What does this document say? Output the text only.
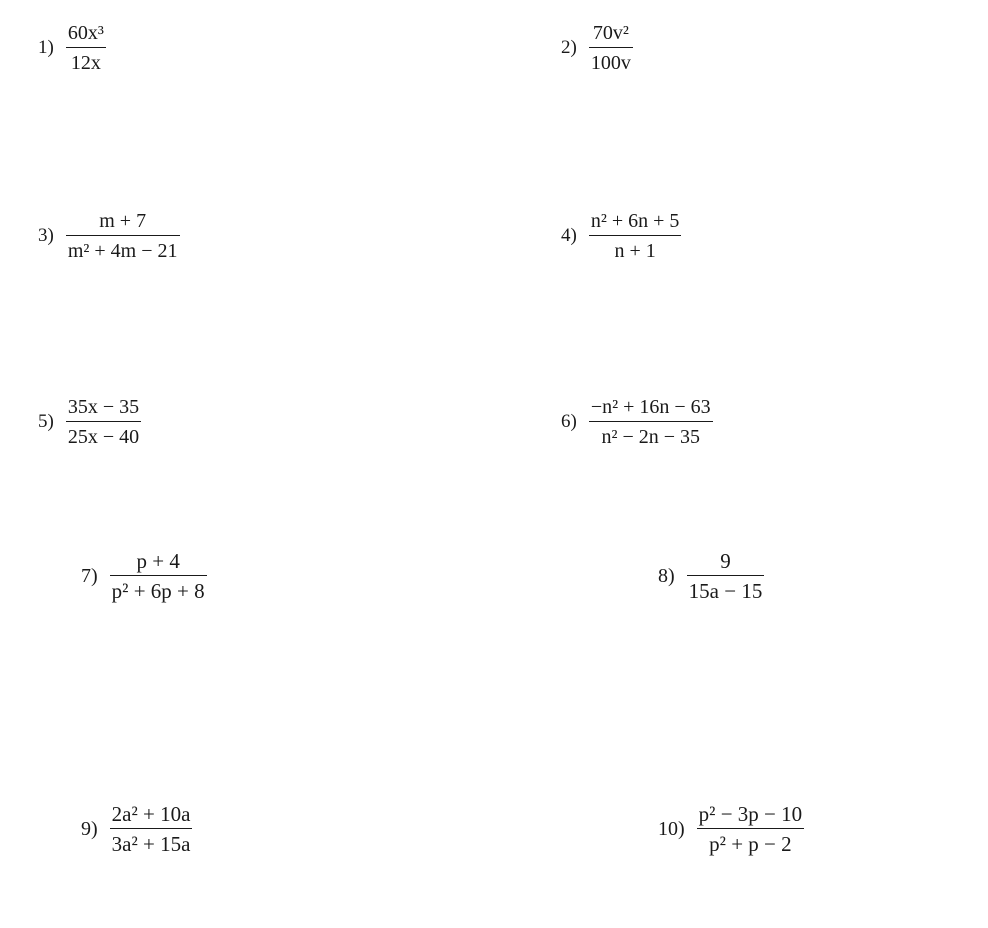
$1) \frac{\text{60x³}}{12x}$	$2) \frac{\text{70v²}}{100v}$
$3) \frac{m + 7}{\text{m² + 4m − 21}}$	$4) \frac{\text{n² + 6n + 5}}{n + 1}$
$5) \frac{35x - 35}{25x - 40}$	$6) \frac{\text{−n² + 16n − 63}}{\text{n² − 2n − 35}}$
$7) \frac{p + 4}{\text{p² + 6p + 8}}$	$8) \frac{9}{15a - 15}$
$9) \frac{\text{2a² + 10a}}{\text{3a² + 15a}}$	$10) \frac{\text{p² − 3p − 10}}{\text{p² + p − 2}}$
